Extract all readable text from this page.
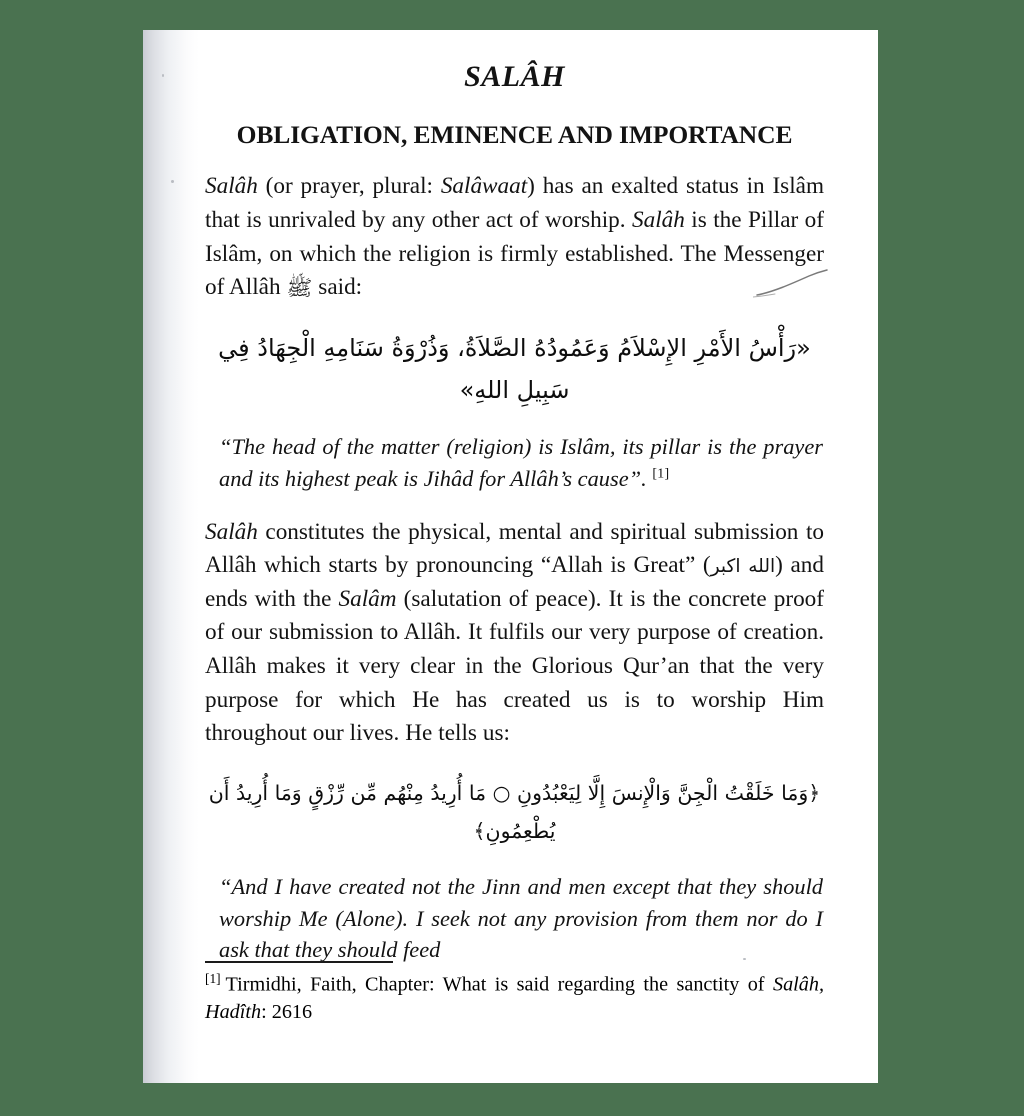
SALÂH
OBLIGATION, EMINENCE AND IMPORTANCE

Salâh (or prayer, plural: Salâwaat) has an exalted status in Islâm that is unrivaled by any other act of worship. Salâh is the Pillar of Islâm, on which the religion is firmly established. The Messenger of Allâh ﷺ said:

«رَأْسُ الأَمْرِ الإِسْلاَمُ وَعَمُودُهُ الصَّلاَةُ، وَذُرْوَةُ سَنَامِهِ الْجِهَادُ فِي سَبِيلِ اللهِ»

“The head of the matter (religion) is Islâm, its pillar is the prayer and its highest peak is Jihâd for Allâh’s cause”. [1]

Salâh constitutes the physical, mental and spiritual submission to Allâh which starts by pronouncing “Allah is Great” (الله اكبر) and ends with the Salâm (salutation of peace). It is the concrete proof of our submission to Allâh. It fulfils our very purpose of creation. Allâh makes it very clear in the Glorious Qur’an that the very purpose for which He has created us is to worship Him throughout our lives. He tells us:

﴿وَمَا خَلَقْتُ الْجِنَّ وَالْإِنسَ إِلَّا لِيَعْبُدُونِ ○ مَا أُرِيدُ مِنْهُم مِّن رِّزْقٍ وَمَا أُرِيدُ أَن يُطْعِمُونِ﴾

“And I have created not the Jinn and men except that they should worship Me (Alone). I seek not any provision from them nor do I ask that they should feed

[1] Tirmidhi, Faith, Chapter: What is said regarding the sanctity of Salâh, Hadîth: 2616
